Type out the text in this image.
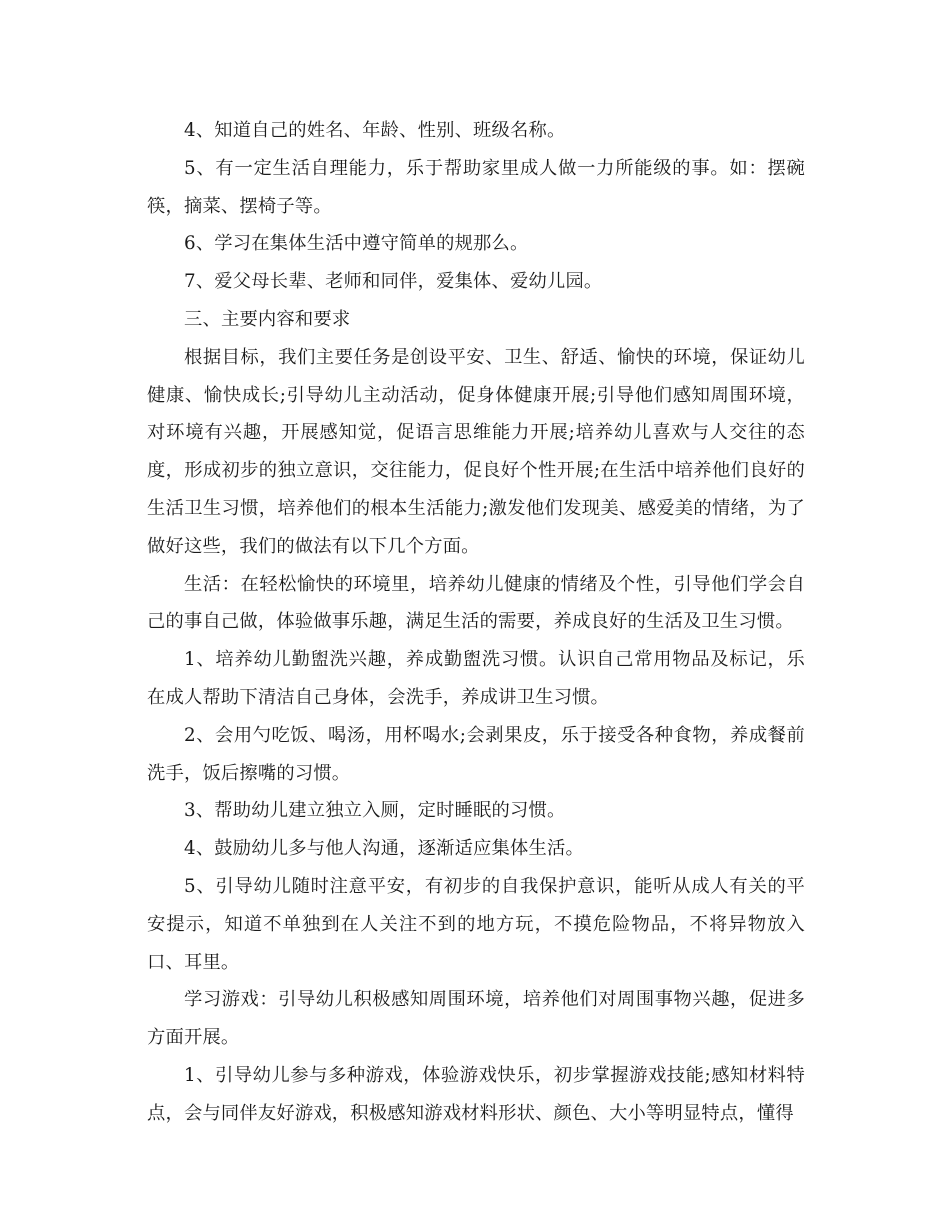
4、知道自己的姓名、年龄、性别、班级名称。

5、有一定生活自理能力，乐于帮助家里成人做一力所能级的事。如：摆碗筷，摘菜、摆椅子等。

6、学习在集体生活中遵守简单的规那么。

7、爱父母长辈、老师和同伴，爱集体、爱幼儿园。

三、主要内容和要求

根据目标，我们主要任务是创设平安、卫生、舒适、愉快的环境，保证幼儿健康、愉快成长;引导幼儿主动活动，促身体健康开展;引导他们感知周围环境，对环境有兴趣，开展感知觉，促语言思维能力开展;培养幼儿喜欢与人交往的态度，形成初步的独立意识，交往能力，促良好个性开展;在生活中培养他们良好的生活卫生习惯，培养他们的根本生活能力;激发他们发现美、感爱美的情绪，为了做好这些，我们的做法有以下几个方面。

生活：在轻松愉快的环境里，培养幼儿健康的情绪及个性，引导他们学会自己的事自己做，体验做事乐趣，满足生活的需要，养成良好的生活及卫生习惯。

1、培养幼儿勤盥洗兴趣，养成勤盥洗习惯。认识自己常用物品及标记，乐在成人帮助下清洁自己身体，会洗手，养成讲卫生习惯。

2、会用勺吃饭、喝汤，用杯喝水;会剥果皮，乐于接受各种食物，养成餐前洗手，饭后擦嘴的习惯。

3、帮助幼儿建立独立入厕，定时睡眠的习惯。

4、鼓励幼儿多与他人沟通，逐渐适应集体生活。

5、引导幼儿随时注意平安，有初步的自我保护意识，能听从成人有关的平安提示，知道不单独到在人关注不到的地方玩，不摸危险物品，不将异物放入口、耳里。

学习游戏：引导幼儿积极感知周围环境，培养他们对周围事物兴趣，促进多方面开展。

1、引导幼儿参与多种游戏，体验游戏快乐，初步掌握游戏技能;感知材料特点，会与同伴友好游戏，积极感知游戏材料形状、颜色、大小等明显特点，懂得
